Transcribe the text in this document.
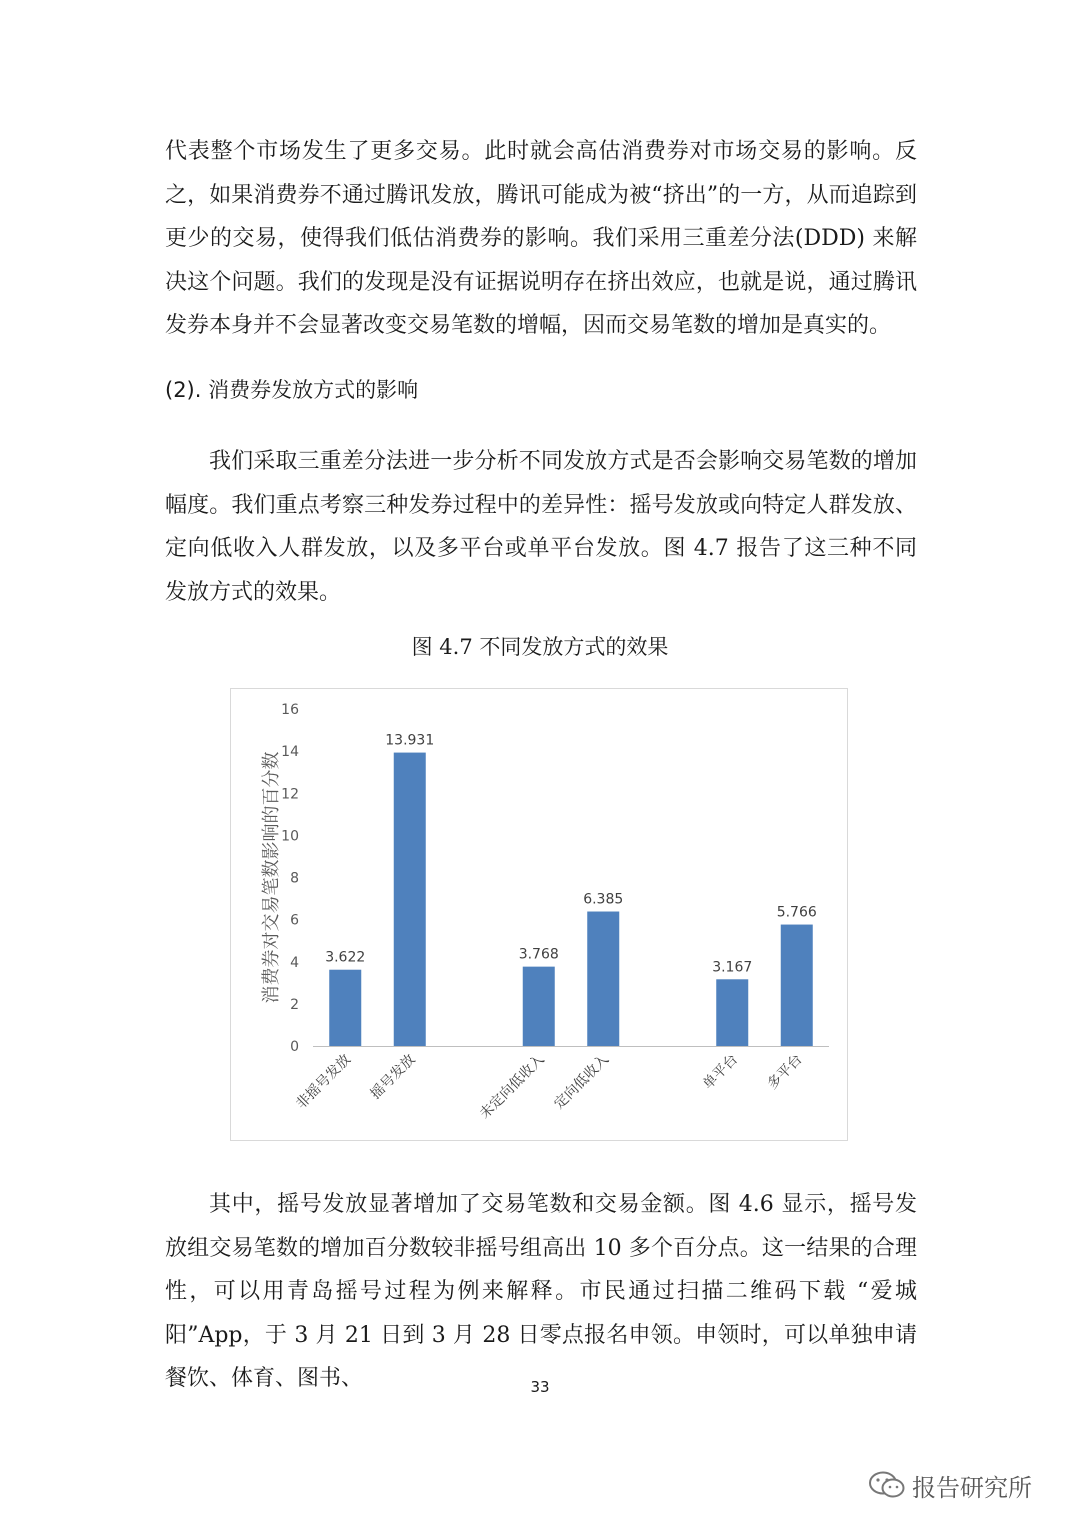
代表整个市场发生了更多交易。此时就会高估消费券对市场交易的影响。反之，如果消费券不通过腾讯发放，腾讯可能成为被“挤出”的一方，从而追踪到更少的交易，使得我们低估消费券的影响。我们采用三重差分法(DDD) 来解决这个问题。我们的发现是没有证据说明存在挤出效应，也就是说，通过腾讯发券本身并不会显著改变交易笔数的增幅，因而交易笔数的增加是真实的。

(2). 消费券发放方式的影响

我们采取三重差分法进一步分析不同发放方式是否会影响交易笔数的增加幅度。我们重点考察三种发券过程中的差异性：摇号发放或向特定人群发放、定向低收入人群发放，以及多平台或单平台发放。图 4.7 报告了这三种不同发放方式的效果。

图 4.7 不同发放方式的效果

0
2
4
6
8
10
12
14
16
消费券对交易笔数影响的百分数	3.622
非摇号发放
13.931
摇号发放
3.768
未定向低收入
6.385
定向低收入
3.167
单平台
5.766
多平台

其中，摇号发放显著增加了交易笔数和交易金额。图 4.6 显示，摇号发放组交易笔数的增加百分数较非摇号组高出 10 多个百分点。这一结果的合理性，可以用青岛摇号过程为例来解释。市民通过扫描二维码下载 “爱城阳”App，于 3 月 21 日到 3 月 28 日零点报名申领。申领时，可以单独申请餐饮、体育、图书、	33
报告研究所
